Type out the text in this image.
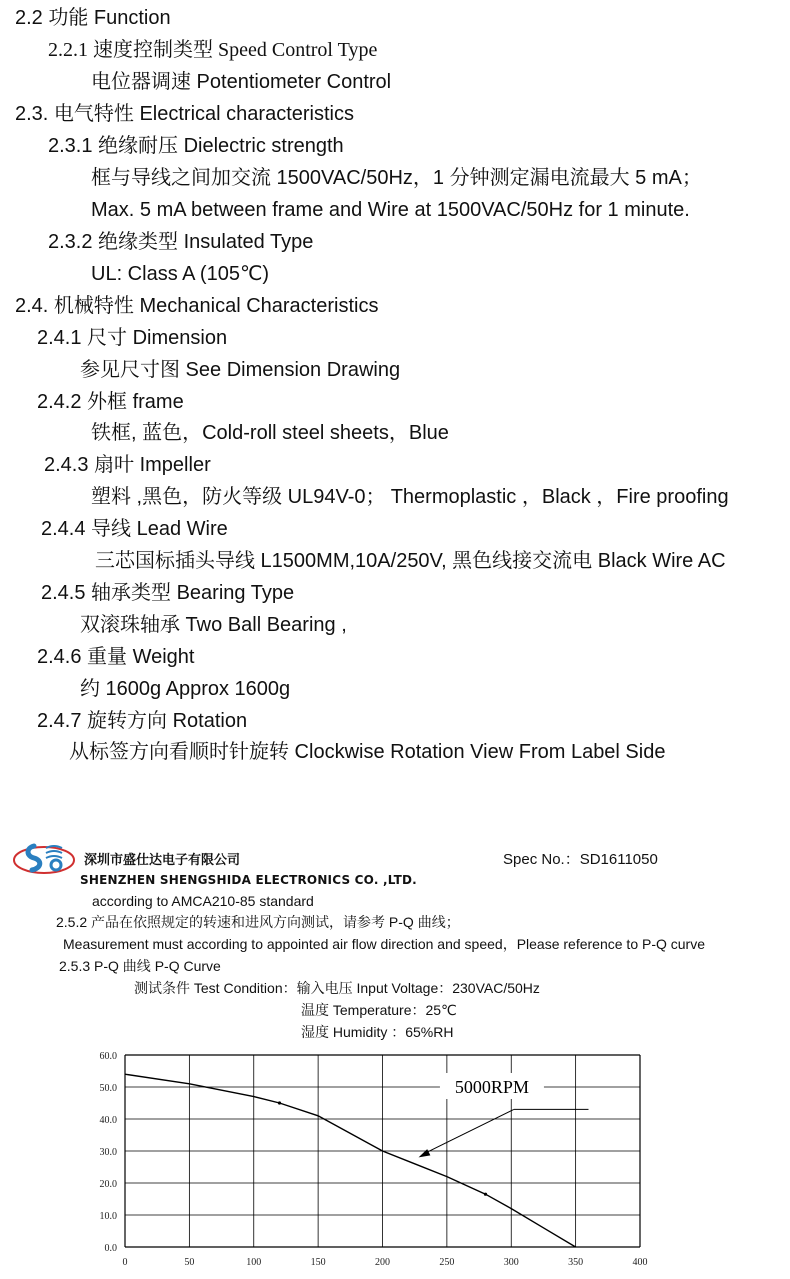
2.2 功能 Function
2.2.1 速度控制类型 Speed Control Type
电位器调速 Potentiometer Control
2.3. 电气特性 Electrical characteristics
2.3.1 绝缘耐压 Dielectric strength
框与导线之间加交流 1500VAC/50Hz，1 分钟测定漏电流最大 5 mA；
Max. 5 mA between frame and Wire at 1500VAC/50Hz for 1 minute.
2.3.2 绝缘类型 Insulated Type
UL: Class A (105℃)
2.4. 机械特性 Mechanical Characteristics
2.4.1 尺寸 Dimension
参见尺寸图 See Dimension Drawing
2.4.2 外框 frame
铁框, 蓝色，Cold-roll steel sheets，Blue
2.4.3 扇叶 Impeller
塑料 ,黑色，防火等级 UL94V-0； Thermoplastic ，Black ，Fire proofing
2.4.4 导线 Lead Wire
三芯国标插头导线 L1500MM,10A/250V, 黑色线接交流电 Black Wire AC
2.4.5 轴承类型 Bearing Type
双滚珠轴承 Two Ball Bearing ,
2.4.6 重量 Weight
约 1600g Approx 1600g
2.4.7 旋转方向 Rotation
从标签方向看顺时针旋转 Clockwise Rotation View From Label Side
深圳市盛仕达电子有限公司
SHENZHEN SHENGSHIDA ELECTRONICS CO. ,LTD.
Spec No.：SD1611050
according to AMCA210-85 standard
2.5.2 产品在依照规定的转速和进风方向测试，请参考 P-Q 曲线；
Measurement must according to appointed air flow direction and speed，Please reference to P-Q curve
2.5.3 P-Q 曲线 P-Q Curve
测试条件 Test Condition：输入电压 Input Voltage：230VAC/50Hz
温度 Temperature：25℃
湿度 Humidity ：65%RH
0	50	100	150	200	250	300	350	400
0.0
10.0
20.0
30.0
40.0
50.0
60.0
5000RPM
